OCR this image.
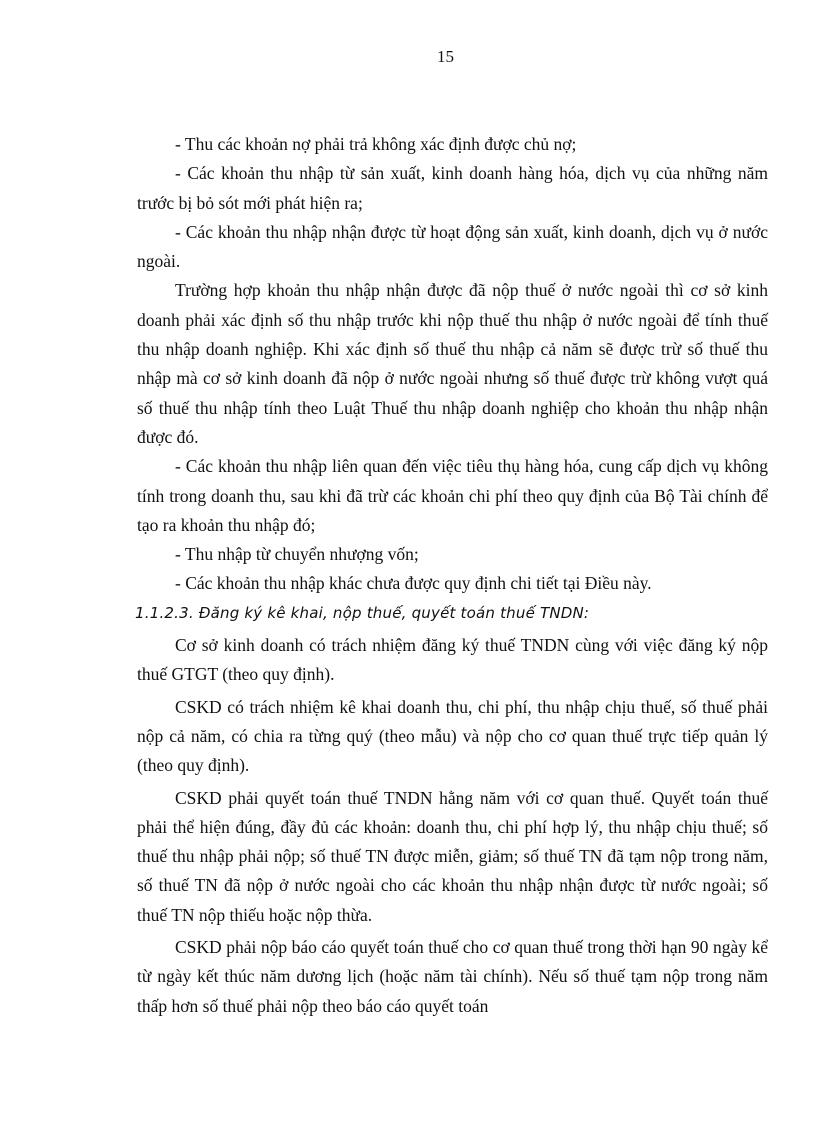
15

- Thu các khoản nợ phải trả không xác định được chủ nợ;

- Các khoản thu nhập từ sản xuất, kinh doanh hàng hóa, dịch vụ của những năm trước bị bỏ sót mới phát hiện ra;

- Các khoản thu nhập nhận được từ hoạt động sản xuất, kinh doanh, dịch vụ ở nước ngoài.

Trường hợp khoản thu nhập nhận được đã nộp thuế ở nước ngoài thì cơ sở kinh doanh phải xác định số thu nhập trước khi nộp thuế thu nhập ở nước ngoài để tính thuế thu nhập doanh nghiệp. Khi xác định số thuế thu nhập cả năm sẽ được trừ số thuế thu nhập mà cơ sở kinh doanh đã nộp ở nước ngoài nhưng số thuế được trừ không vượt quá số thuế thu nhập tính theo Luật Thuế thu nhập doanh nghiệp cho khoản thu nhập nhận được đó.

- Các khoản thu nhập liên quan đến việc tiêu thụ hàng hóa, cung cấp dịch vụ không tính trong doanh thu, sau khi đã trừ các khoản chi phí theo quy định của Bộ Tài chính để tạo ra khoản thu nhập đó;

- Thu nhập từ chuyển nhượng vốn;

- Các khoản thu nhập khác chưa được quy định chi tiết tại Điều này.

1.1.2.3. Đăng ký kê khai, nộp thuế, quyết toán thuế TNDN:

Cơ sở kinh doanh có trách nhiệm đăng ký thuế TNDN cùng với việc đăng ký nộp thuế GTGT (theo quy định).

CSKD có trách nhiệm kê khai doanh thu, chi phí, thu nhập chịu thuế, số thuế phải nộp cả năm, có chia ra từng quý (theo mẫu) và nộp cho cơ quan thuế trực tiếp quản lý (theo quy định).

CSKD phải quyết toán thuế TNDN hằng năm với cơ quan thuế. Quyết toán thuế phải thể hiện đúng, đầy đủ các khoản: doanh thu, chi phí hợp lý, thu nhập chịu thuế; số thuế thu nhập phải nộp; số thuế TN được miễn, giảm; số thuế TN đã tạm nộp trong năm, số thuế TN đã nộp ở nước ngoài cho các khoản thu nhập nhận được từ nước ngoài; số thuế TN nộp thiếu hoặc nộp thừa.

CSKD phải nộp báo cáo quyết toán thuế cho cơ quan thuế trong thời hạn 90 ngày kể từ ngày kết thúc năm dương lịch (hoặc năm tài chính). Nếu số thuế tạm nộp trong năm thấp hơn số thuế phải nộp theo báo cáo quyết toán
